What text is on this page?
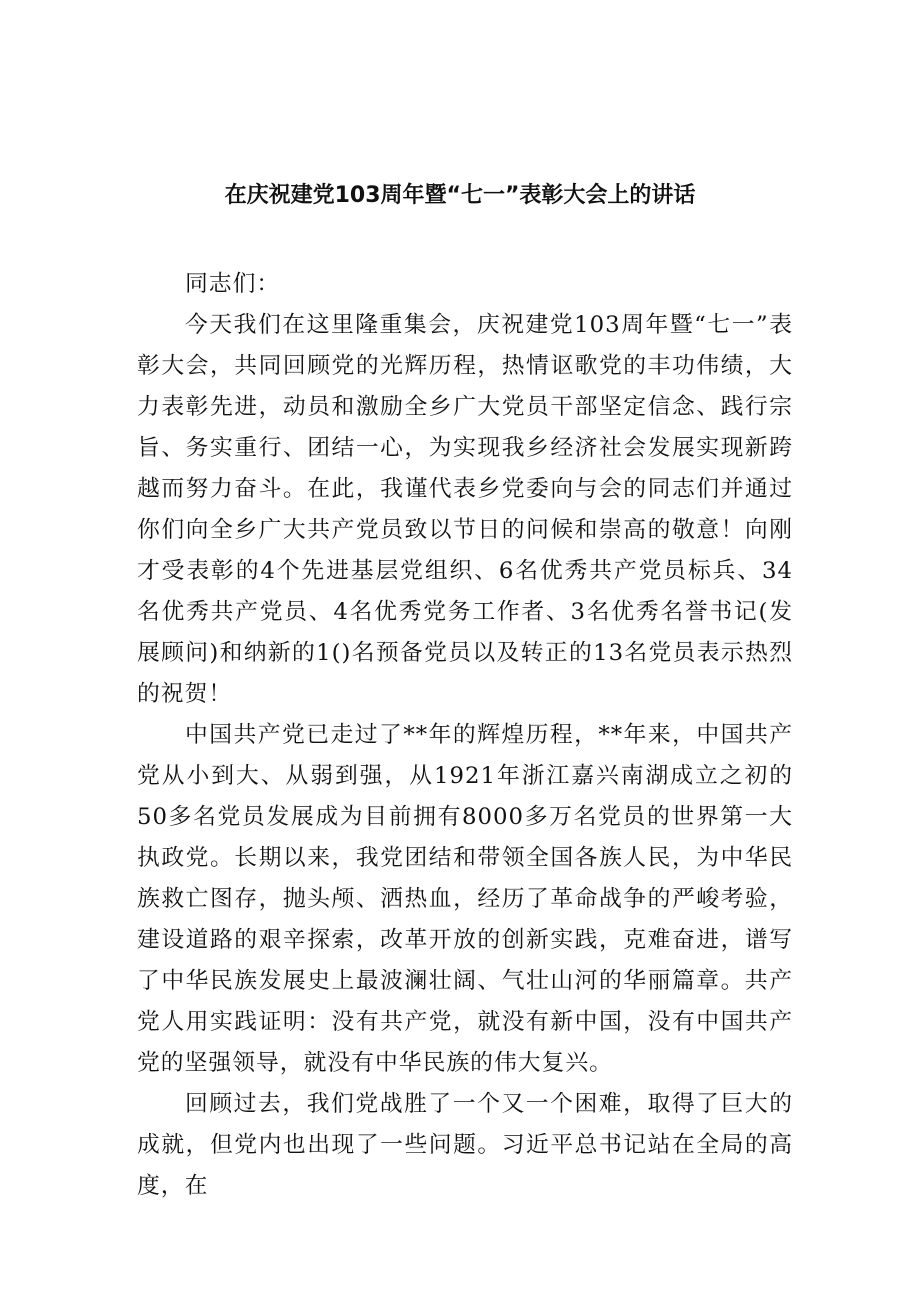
在庆祝建党103周年暨“七一”表彰大会上的讲话

同志们：

今天我们在这里隆重集会，庆祝建党103周年暨“七一”表彰大会，共同回顾党的光辉历程，热情讴歌党的丰功伟绩，大力表彰先进，动员和激励全乡广大党员干部坚定信念、践行宗旨、务实重行、团结一心，为实现我乡经济社会发展实现新跨越而努力奋斗。在此，我谨代表乡党委向与会的同志们并通过你们向全乡广大共产党员致以节日的问候和崇高的敬意！向刚才受表彰的4个先进基层党组织、6名优秀共产党员标兵、34名优秀共产党员、4名优秀党务工作者、3名优秀名誉书记(发展顾问)和纳新的1()名预备党员以及转正的13名党员表示热烈的祝贺！

中国共产党已走过了**年的辉煌历程，**年来，中国共产党从小到大、从弱到强，从1921年浙江嘉兴南湖成立之初的50多名党员发展成为目前拥有8000多万名党员的世界第一大执政党。长期以来，我党团结和带领全国各族人民，为中华民族救亡图存，抛头颅、洒热血，经历了革命战争的严峻考验，建设道路的艰辛探索，改革开放的创新实践，克难奋进，谱写了中华民族发展史上最波澜壮阔、气壮山河的华丽篇章。共产党人用实践证明：没有共产党，就没有新中国，没有中国共产党的坚强领导，就没有中华民族的伟大复兴。

回顾过去，我们党战胜了一个又一个困难，取得了巨大的成就，但党内也出现了一些问题。习近平总书记站在全局的高度，在
